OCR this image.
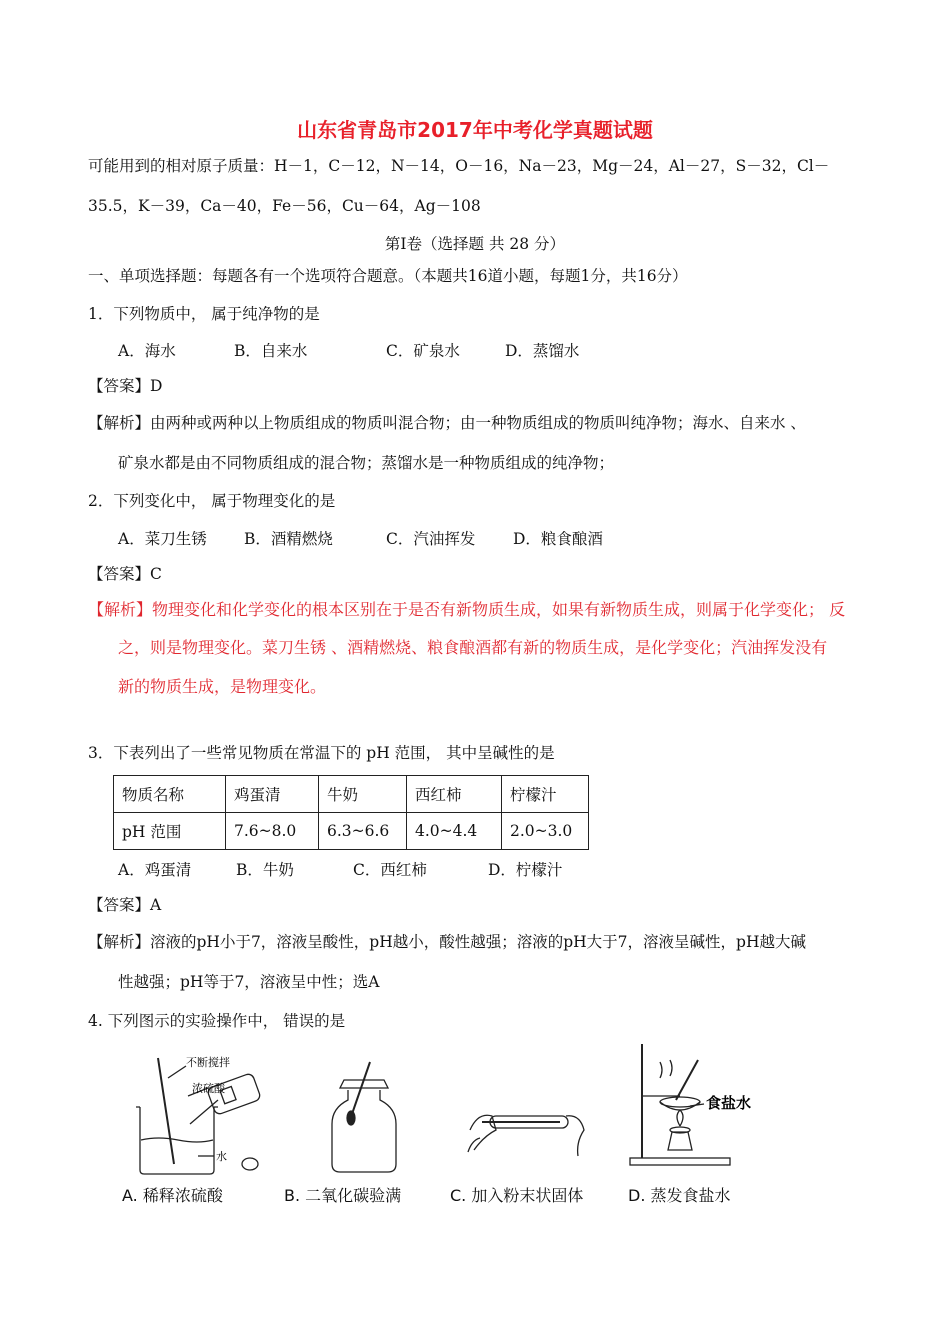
山东省青岛市2017年中考化学真题试题
可能用到的相对原子质量：H－1，C－12，N－14，O－16，Na－23，Mg－24，Al－27，S－32，Cl－
35.5，K－39，Ca－40，Fe－56，Cu－64，Ag－108
第Ⅰ卷（选择题 共 28 分）
一、单项选择题：每题各有一个选项符合题意。（本题共16道小题，每题1分，共16分）
1．下列物质中， 属于纯净物的是
A．海水	B．自来水	C．矿泉水	D．蒸馏水
【答案】D
【解析】由两种或两种以上物质组成的物质叫混合物；由一种物质组成的物质叫纯净物；海水、自来水 、
矿泉水都是由不同物质组成的混合物；蒸馏水是一种物质组成的纯净物；
2．下列变化中， 属于物理变化的是
A．菜刀生锈 B．酒精燃烧	C．汽油挥发 D．粮食酿酒
【答案】C
【解析】物理变化和化学变化的根本区别在于是否有新物质生成，如果有新物质生成，则属于化学变化； 反
之，则是物理变化。菜刀生锈 、酒精燃烧、粮食酿酒都有新的物质生成，是化学变化；汽油挥发没有
新的物质生成，是物理变化。
3．下表列出了一些常见物质在常温下的 pH 范围， 其中呈碱性的是
物质名称	鸡蛋清	牛奶	西红柿	柠檬汁
pH 范围	7.6~8.0	6.3~6.6	4.0~4.4	2.0~3.0
A．鸡蛋清	B．牛奶	C．西红柿	D．柠檬汁
【答案】A
【解析】溶液的pH小于7，溶液呈酸性，pH越小，酸性越强；溶液的pH大于7，溶液呈碱性，pH越大碱
性越强；pH等于7，溶液呈中性；选A
4. 下列图示的实验操作中， 错误的是
不断搅拌
浓硫酸
水
食盐水
A. 稀释浓硫酸	B. 二氧化碳验满	C. 加入粉末状固体	D. 蒸发食盐水
